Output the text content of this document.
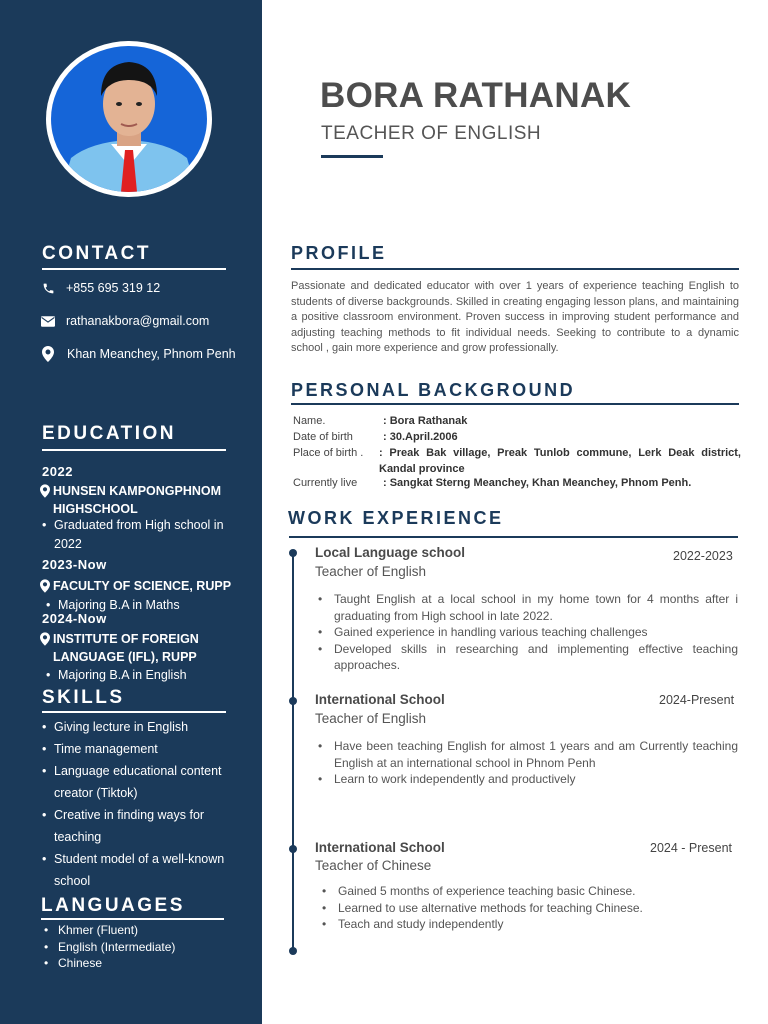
CONTACT
+855 695 319 12
rathanakbora@gmail.com
Khan Meanchey, Phnom Penh
EDUCATION
2022
HUNSEN KAMPONGPHNOM HIGHSCHOOL
• Graduated from High school in 2022
2023-Now
FACULTY OF SCIENCE, RUPP
• Majoring B.A in Maths
2024-Now
INSTITUTE OF FOREIGN LANGUAGE (IFL), RUPP
• Majoring B.A in English
SKILLS
• Giving lecture in English
• Time management
• Language educational content creator (Tiktok)
• Creative in finding ways for teaching
• Student model of a well-known school
LANGUAGES
• Khmer (Fluent)
• English (Intermediate)
• Chinese
BORA RATHANAK
TEACHER OF ENGLISH
PROFILE
Passionate and dedicated educator with over 1 years of experience teaching English to students of diverse backgrounds. Skilled in creating engaging lesson plans, and maintaining a positive classroom environment. Proven success in improving student performance and adjusting teaching methods to fit individual needs. Seeking to contribute to a dynamic school , gain more experience and grow professionally.
PERSONAL BACKGROUND
Name.	: Bora Rathanak
Date of birth	: 30.April.2006
Place of birth .	: Preak Bak village, Preak Tunlob commune, Lerk Deak district, Kandal province
Currently live	: Sangkat Sterng Meanchey, Khan Meanchey, Phnom Penh.
WORK EXPERIENCE
Local Language school	2022-2023
Teacher of English
• Taught English at a local school in my home town for 4 months after i graduating from High school in late 2022.
• Gained experience in handling various teaching challenges
• Developed skills in researching and implementing effective teaching approaches.
International School	2024-Present
Teacher of English
• Have been teaching English for almost 1 years and am Currently teaching English at an international school in Phnom Penh
• Learn to work independently and productively
International School	2024 - Present
Teacher of Chinese
• Gained 5 months of experience teaching basic Chinese.
• Learned to use alternative methods for teaching Chinese.
• Teach and study independently
